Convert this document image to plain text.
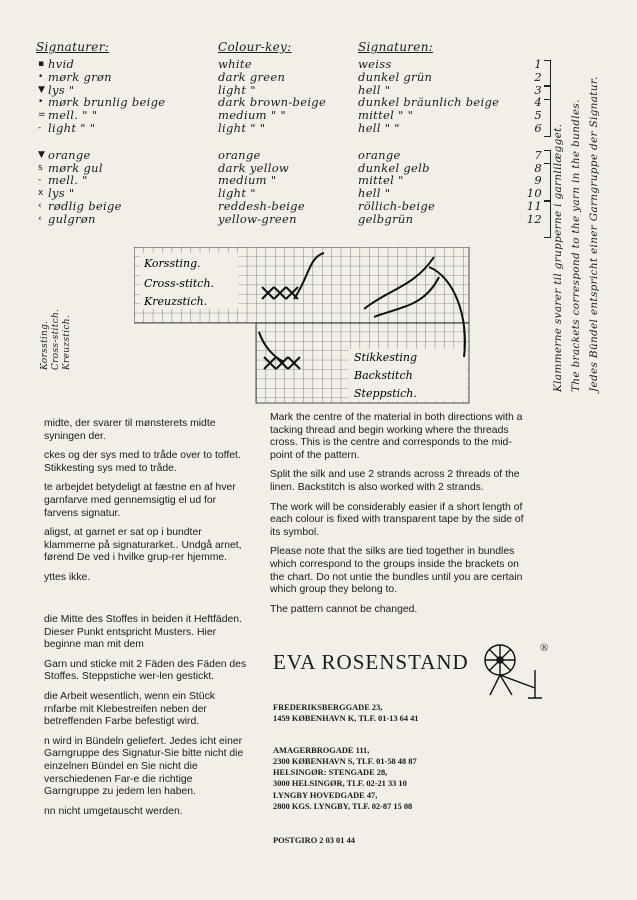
Signaturer:
hvid
mørk grøn
lys "
mørk brunlig beige
mell. " "
light " "
orange
mørk gul
mell. "
lys "
rødlig beige
gulgrøn
Colour-key:
white
dark green
light "
dark brown-beige
medium " "
light " "
orange
dark yellow
medium "
light "
reddesh-beige
yellow-green
Signaturen:
weiss
dunkel grün
hell "
dunkel bräunlich beige
mittel " "
hell " "
orange
dunkel gelb
mittel "
hell "
röllich-beige
gelbgrün
▪
•
▼
•
=
-
▼
s
-
x
‹
‹
1
2
3
4
5
6
7
8
9
10
11
12 Klammerne svarer til grupperne i garnlilægget. The brackets correspond to the yarn in the bundles. Jedes Bündel entspricht einer Garngruppe der Signatur.
Korssting. Cross-stitch. Kreuzstich.
Korssting.
Cross-stitch.
Kreuzstich.
Stikkesting
Backstitch
Steppstich.

midte, der svarer til mønsterets midte syningen der.

ckes og der sys med to tråde over to toffet. Stikkesting sys med to tråde.

te arbejdet betydeligt at fæstne en af hver garnfarve med gennemsigtig el ud for farvens signatur.

aligst, at garnet er sat op i bundter klammerne på signaturarket.. Undgå arnet, førend De ved i hvilke grup-rer hjemme.

yttes ikke.

die Mitte des Stoffes in beiden it Heftfäden. Dieser Punkt entspricht Musters. Hier beginne man mit dem

Garn und sticke mit 2 Fäden des Fäden des Stoffes. Steppstiche wer-len gestickt.

die Arbeit wesentlich, wenn ein Stück rnfarbe mit Klebestreifen neben der betreffenden Farbe befestigt wird.

n wird in Bündeln geliefert. Jedes icht einer Garngruppe des Signatur-Sie bitte nicht die einzelnen Bündel en Sie nicht die verschiedenen Far-e die richtige Garngruppe zu jedem len haben.

nn nicht umgetauscht werden.

Mark the centre of the material in both directions with a tacking thread and begin working where the threads cross. This is the centre and corresponds to the mid-point of the pattern.

Split the silk and use 2 strands across 2 threads of the linen. Backstitch is also worked with 2 strands.

The work will be considerably easier if a short length of each colour is fixed with transparent tape by the side of its symbol.

Please note that the silks are tied together in bundles which correspond to the groups inside the brackets on the chart. Do not untie the bundles until you are certain which group they belong to.

The pattern cannot be changed.

EVA ROSENSTAND
®
FREDERIKSBERGGADE 23,
1459 KØBENHAVN K, TLF. 01-13 64 41
AMAGERBROGADE 111,
2300 KØBENHAVN S, TLF. 01-58 48 87
HELSINGØR: STENGADE 28,
3000 HELSINGØR, TLF. 02-21 33 10
LYNGBY HOVEDGADE 47,
2800 KGS. LYNGBY, TLF. 02-87 15 08
POSTGIRO 2 03 01 44
